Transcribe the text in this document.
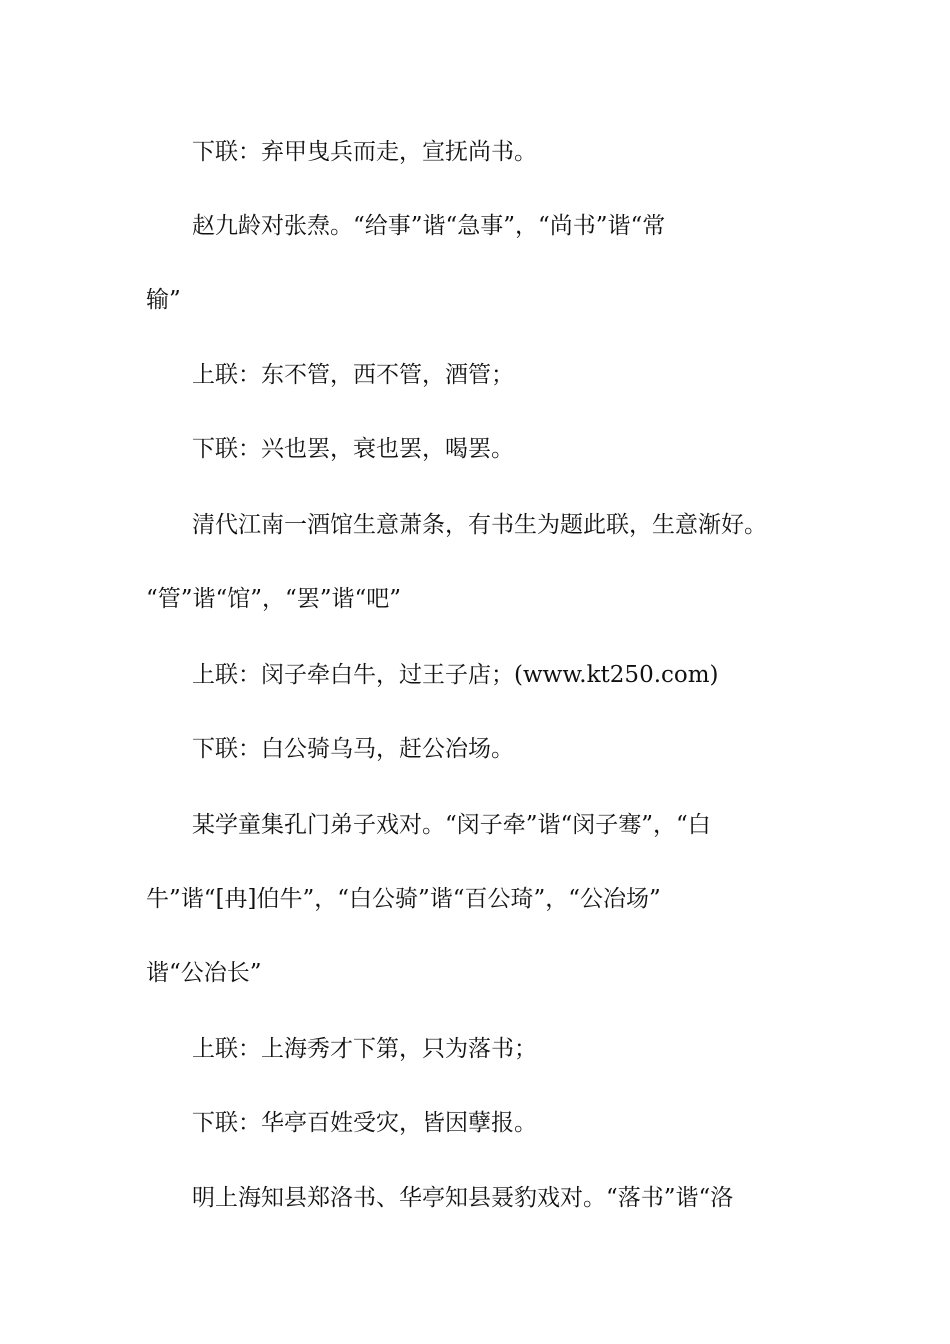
下联：弃甲曳兵而走，宣抚尚书。
赵九龄对张焘。“给事”谐“急事”，“尚书”谐“常
输”
上联：东不管，西不管，酒管；
下联：兴也罢，衰也罢，喝罢。
清代江南一酒馆生意萧条，有书生为题此联，生意渐好。
“管”谐“馆”，“罢”谐“吧”
上联：闵子牵白牛，过王子店；(www.kt250.com)
下联：白公骑乌马，赶公冶场。
某学童集孔门弟子戏对。“闵子牵”谐“闵子骞”，“白
牛”谐“[冉]伯牛”，“白公骑”谐“百公琦”，“公冶场”
谐“公冶长”
上联：上海秀才下第，只为落书；
下联：华亭百姓受灾，皆因孽报。
明上海知县郑洛书、华亭知县聂豹戏对。“落书”谐“洛
